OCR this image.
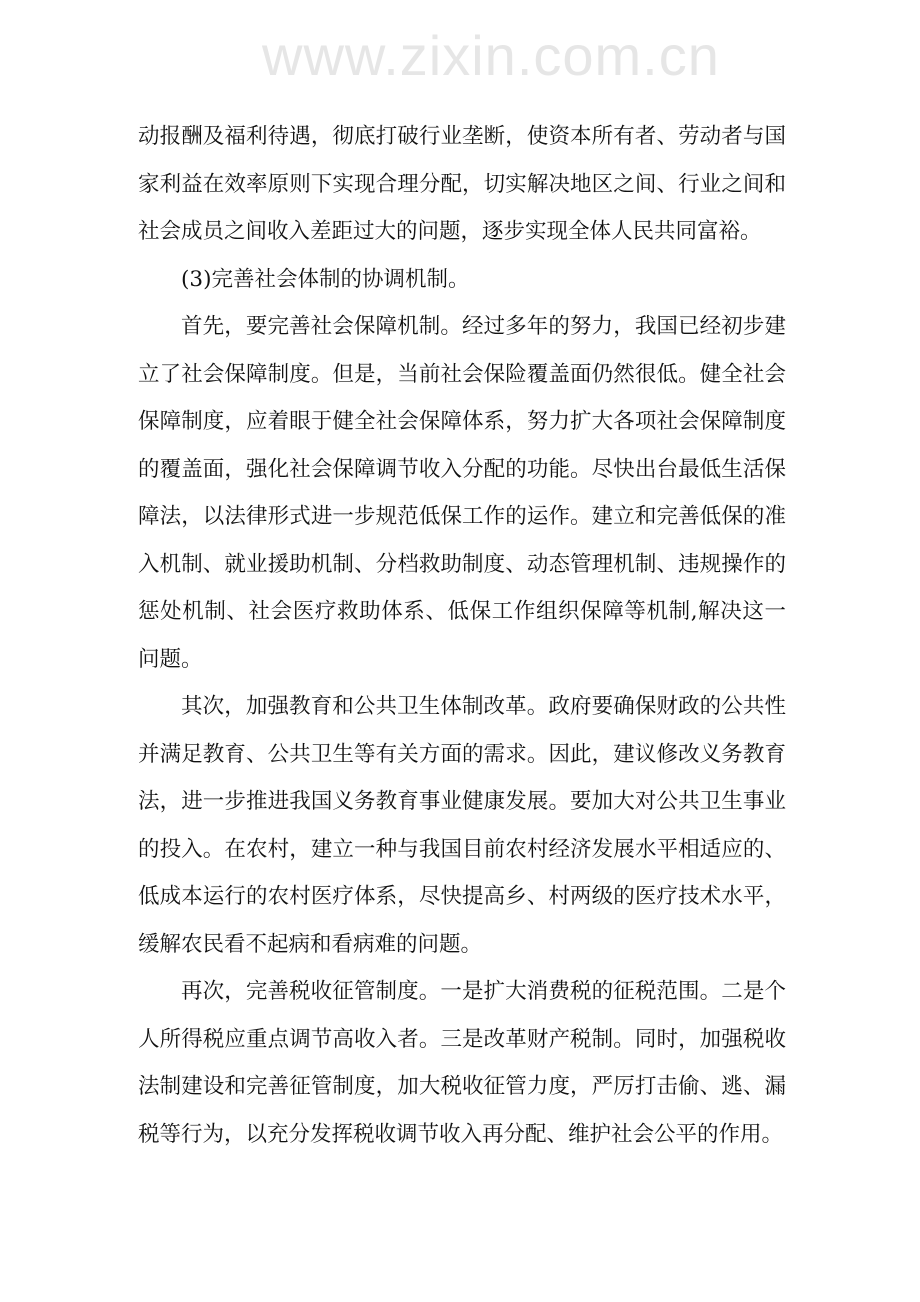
www.zixin.com.cn
动报酬及福利待遇，彻底打破行业垄断，使资本所有者、劳动者与国
家利益在效率原则下实现合理分配，切实解决地区之间、行业之间和
社会成员之间收入差距过大的问题，逐步实现全体人民共同富裕。
(3)完善社会体制的协调机制。
首先，要完善社会保障机制。经过多年的努力，我国已经初步建
立了社会保障制度。但是，当前社会保险覆盖面仍然很低。健全社会
保障制度，应着眼于健全社会保障体系，努力扩大各项社会保障制度
的覆盖面，强化社会保障调节收入分配的功能。尽快出台最低生活保
障法，以法律形式进一步规范低保工作的运作。建立和完善低保的准
入机制、就业援助机制、分档救助制度、动态管理机制、违规操作的
惩处机制、社会医疗救助体系、低保工作组织保障等机制,解决这一
问题。
其次，加强教育和公共卫生体制改革。政府要确保财政的公共性
并满足教育、公共卫生等有关方面的需求。因此，建议修改义务教育
法，进一步推进我国义务教育事业健康发展。要加大对公共卫生事业
的投入。在农村，建立一种与我国目前农村经济发展水平相适应的、
低成本运行的农村医疗体系，尽快提高乡、村两级的医疗技术水平，
缓解农民看不起病和看病难的问题。
再次，完善税收征管制度。一是扩大消费税的征税范围。二是个
人所得税应重点调节高收入者。三是改革财产税制。同时，加强税收
法制建设和完善征管制度，加大税收征管力度，严厉打击偷、逃、漏
税等行为，以充分发挥税收调节收入再分配、维护社会公平的作用。
